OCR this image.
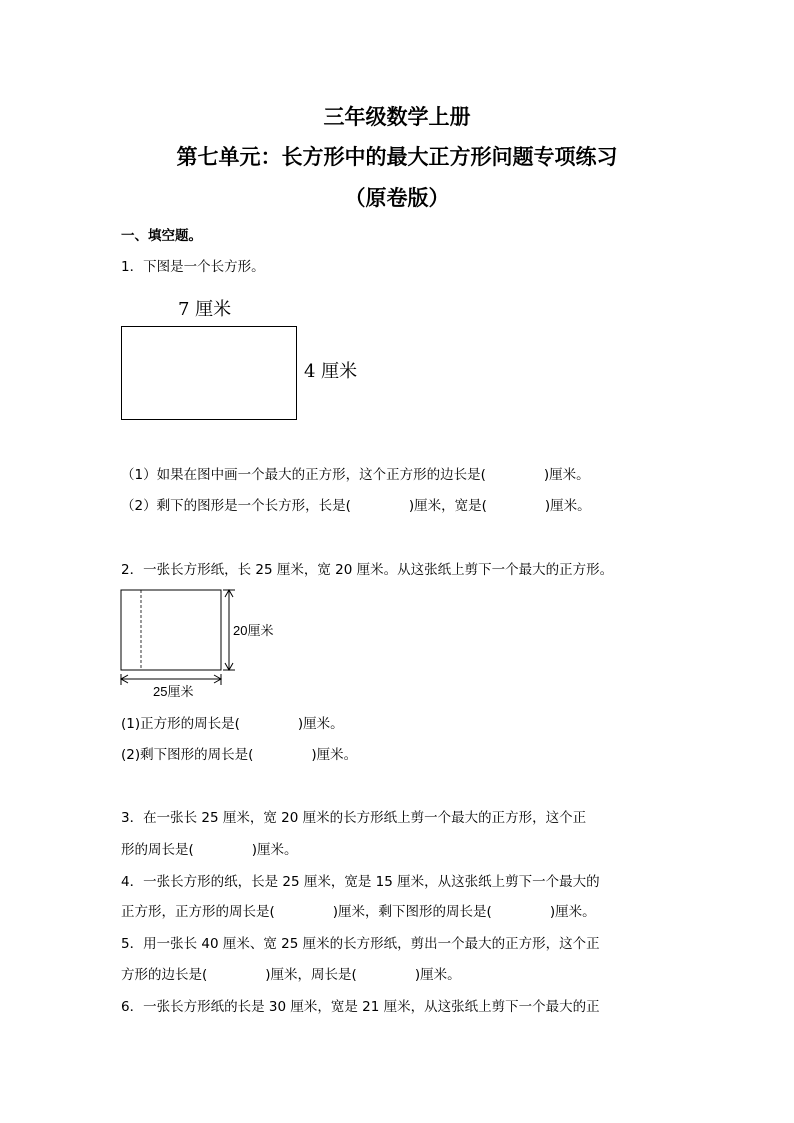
三年级数学上册
第七单元：长方形中的最大正方形问题专项练习
（原卷版）
一、填空题。
1．下图是一个长方形。
7 厘米
4 厘米
（1）如果在图中画一个最大的正方形，这个正方形的边长是(	)厘米。
（2）剩下的图形是一个长方形，长是(	)厘米，宽是(	)厘米。
2．一张长方形纸，长 25 厘米，宽 20 厘米。从这张纸上剪下一个最大的正方形。
20厘米
25厘米
(1)正方形的周长是(	)厘米。
(2)剩下图形的周长是(	)厘米。
3．在一张长 25 厘米，宽 20 厘米的长方形纸上剪一个最大的正方形，这个正
形的周长是(	)厘米。
4．一张长方形的纸，长是 25 厘米，宽是 15 厘米，从这张纸上剪下一个最大的
正方形，正方形的周长是(	)厘米，剩下图形的周长是(	)厘米。
5．用一张长 40 厘米、宽 25 厘米的长方形纸，剪出一个最大的正方形，这个正
方形的边长是(	)厘米，周长是(	)厘米。
6．一张长方形纸的长是 30 厘米，宽是 21 厘米，从这张纸上剪下一个最大的正
